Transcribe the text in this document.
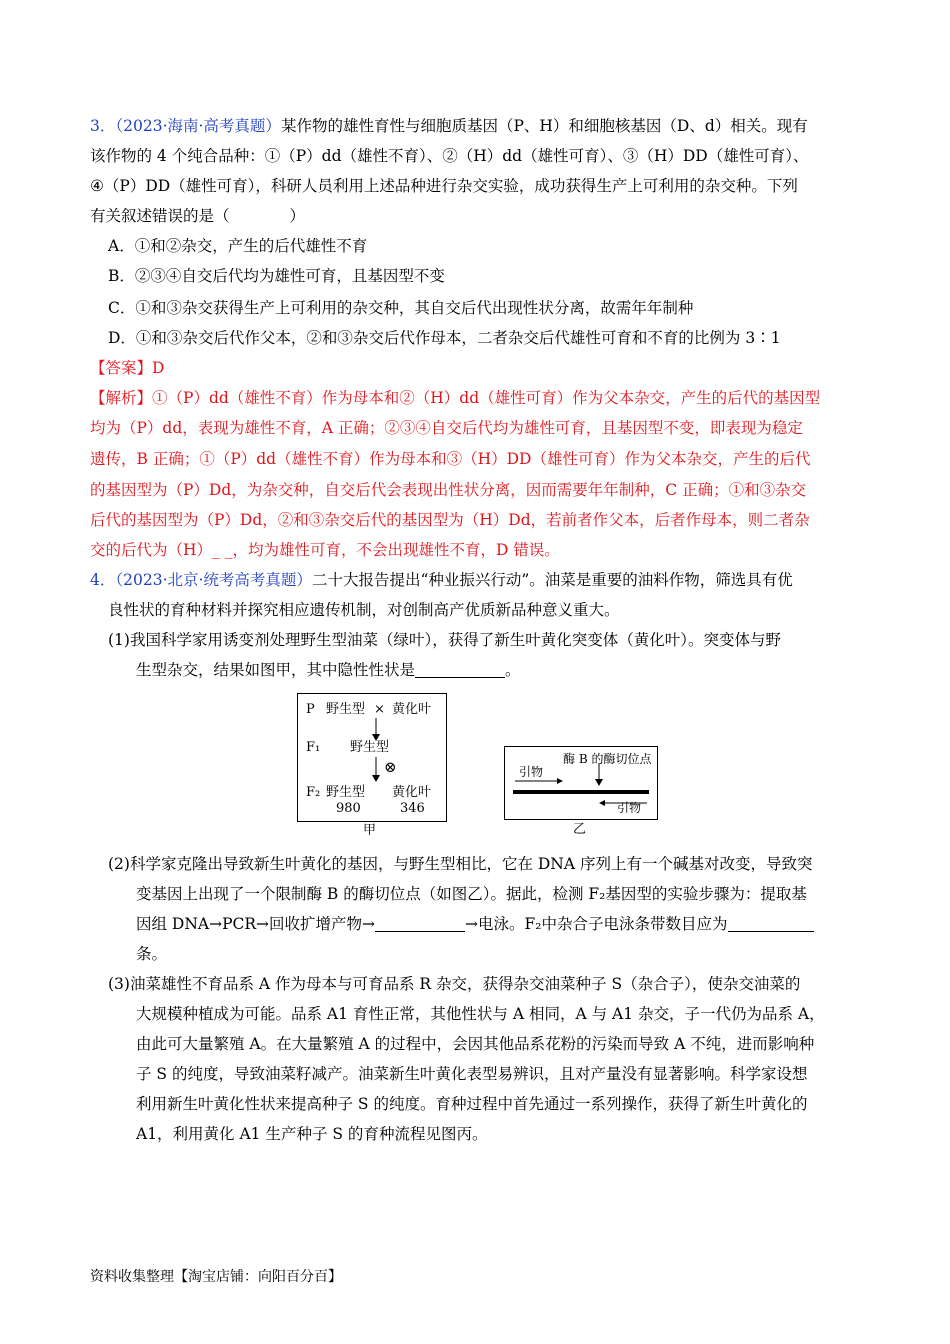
3．（2023·海南·高考真题）某作物的雄性育性与细胞质基因（P、H）和细胞核基因（D、d）相关。现有
该作物的 4 个纯合品种：①（P）dd（雄性不育）、②（H）dd（雄性可育）、③（H）DD（雄性可育）、
④（P）DD（雄性可育），科研人员利用上述品种进行杂交实验，成功获得生产上可利用的杂交种。下列
有关叙述错误的是（	）
A．①和②杂交，产生的后代雄性不育
B．②③④自交后代均为雄性可育，且基因型不变
C．①和③杂交获得生产上可利用的杂交种，其自交后代出现性状分离，故需年年制种
D．①和③杂交后代作父本，②和③杂交后代作母本，二者杂交后代雄性可育和不育的比例为 3∶1
【答案】D
【解析】①（P）dd（雄性不育）作为母本和②（H）dd（雄性可育）作为父本杂交，产生的后代的基因型
均为（P）dd，表现为雄性不育，A 正确；②③④自交后代均为雄性可育，且基因型不变，即表现为稳定
遗传，B 正确；①（P）dd（雄性不育）作为母本和③（H）DD（雄性可育）作为父本杂交，产生的后代
的基因型为（P）Dd，为杂交种，自交后代会表现出性状分离，因而需要年年制种，C 正确；①和③杂交
后代的基因型为（P）Dd，②和③杂交后代的基因型为（H）Dd，若前者作父本，后者作母本，则二者杂
交的后代为（H）_ _，均为雄性可育，不会出现雄性不育，D 错误。
4．（2023·北京·统考高考真题）二十大报告提出“种业振兴行动”。油菜是重要的油料作物，筛选具有优
良性状的育种材料并探究相应遗传机制，对创制高产优质新品种意义重大。
(1)我国科学家用诱变剂处理野生型油菜（绿叶），获得了新生叶黄化突变体（黄化叶）。突变体与野
生型杂交，结果如图甲，其中隐性性状是	。
P 野生型 × 黄化叶
F₁ 野生型
⊗
F₂ 野生型 黄化叶
980	346
甲
酶 B 的酶切位点
引物
引物
乙
(2)科学家克隆出导致新生叶黄化的基因，与野生型相比，它在 DNA 序列上有一个碱基对改变，导致突
变基因上出现了一个限制酶 B 的酶切位点（如图乙）。据此，检测 F₂基因型的实验步骤为：提取基
因组 DNA→PCR→回收扩增产物→	→电泳。F₂中杂合子电泳条带数目应为
条。
(3)油菜雄性不育品系 A 作为母本与可育品系 R 杂交，获得杂交油菜种子 S（杂合子），使杂交油菜的
大规模种植成为可能。品系 A1 育性正常，其他性状与 A 相同，A 与 A1 杂交，子一代仍为品系 A，
由此可大量繁殖 A。在大量繁殖 A 的过程中，会因其他品系花粉的污染而导致 A 不纯，进而影响种
子 S 的纯度，导致油菜籽减产。油菜新生叶黄化表型易辨识，且对产量没有显著影响。科学家设想
利用新生叶黄化性状来提高种子 S 的纯度。育种过程中首先通过一系列操作，获得了新生叶黄化的
A1，利用黄化 A1 生产种子 S 的育种流程见图丙。
资料收集整理【淘宝店铺：向阳百分百】
